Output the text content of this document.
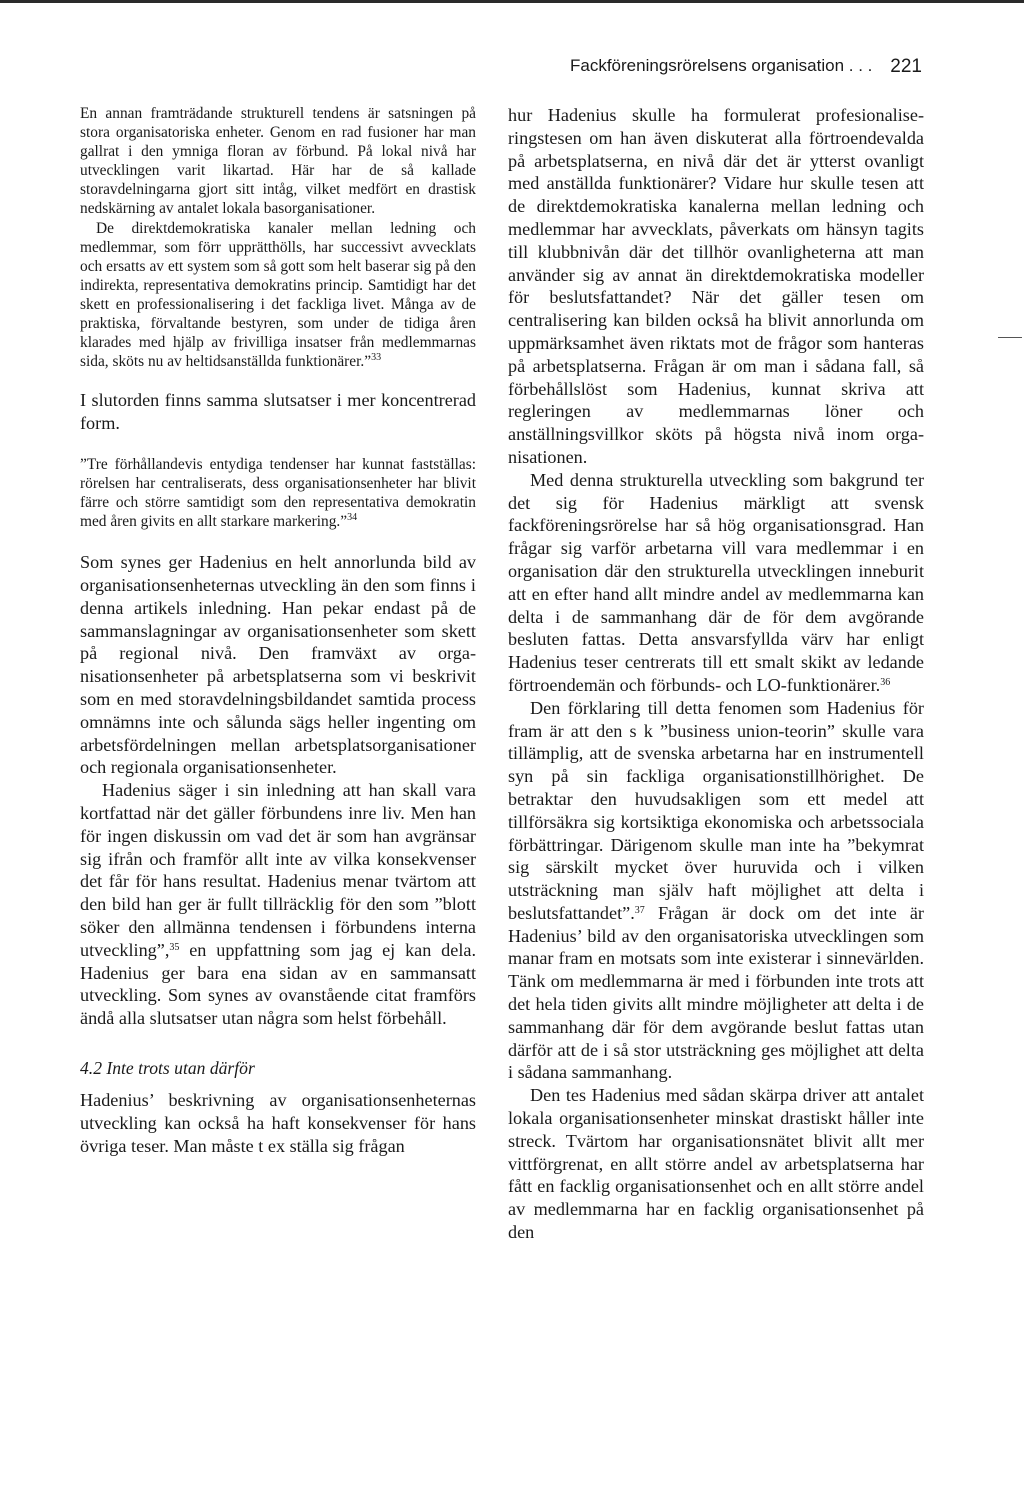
Fackföreningsrörelsens organisation . . . 221

En annan framträdande strukturell tendens är satsningen på stora organisatoriska enheter. Genom en rad fusioner har man gallrat i den ymniga floran av förbund. På lokal nivå har utvecklingen varit likartad. Här har de så kallade storavdelningarna gjort sitt intåg, vilket medfört en drastisk nedskärning av antalet lokala basorganisationer.

De direktdemokratiska kanaler mellan ledning och medlemmar, som förr upprätthölls, har successivt avvecklats och ersatts av ett system som så gott som helt baserar sig på den indirekta, representativa demokratins princip. Samtidigt har det skett en professionalisering i det fackliga livet. Många av de praktiska, förvaltande bestyren, som under de tidiga åren klarades med hjälp av frivilliga insatser från medlemmarnas sida, sköts nu av heltidsanställda funktionärer.”$^{33}$

I slutorden finns samma slutsatser i mer koncentrerad form.

”Tre förhållandevis entydiga tendenser har kunnat fastställas: rörelsen har centraliserats, dess organisationsenheter har blivit färre och större samtidigt som den representativa demokratin med åren givits en allt starkare markering.”$^{34}$

Som synes ger Hadenius en helt annorlunda bild av organisationsenheternas utveckling än den som finns i denna artikels inledning. Han pekar endast på de sammanslagningar av organisationsenheter som skett på regional nivå. Den framväxt av organisationsenheter på arbetsplatserna som vi beskrivit som en med storavdelningsbildandet samtida process omnämns inte och sålunda sägs heller ingenting om arbetsfördelningen mellan arbetsplatsorganisationer och regionala organisationsenheter.

Hadenius säger i sin inledning att han skall vara kortfattad när det gäller förbundens inre liv. Men han för ingen diskussin om vad det är som han avgränsar sig ifrån och framför allt inte av vilka konsekvenser det får för hans resultat. Hadenius menar tvärtom att den bild han ger är fullt tillräcklig för den som ”blott söker den allmänna tendensen i förbundens interna utveckling”,$^{35}$ en uppfattning som jag ej kan dela. Hadenius ger bara ena sidan av en sammansatt utveckling. Som synes av ovanstående citat framförs ändå alla slutsatser utan några som helst förbehåll.

4.2 Inte trots utan därför

Hadenius’ beskrivning av organisationsenheternas utveckling kan också ha haft konsekvenser för hans övriga teser. Man måste t ex ställa sig frågan

hur Hadenius skulle ha formulerat profesionaliseringstesen om han även diskuterat alla förtroendevalda på arbetsplatserna, en nivå där det är ytterst ovanligt med anställda funktionärer? Vidare hur skulle tesen att de direktdemokratiska kanalerna mellan ledning och medlemmar har avvecklats, påverkats om hänsyn tagits till klubbnivån där det tillhör ovanligheterna att man använder sig av annat än direktdemokratiska modeller för beslutsfattandet? När det gäller tesen om centralisering kan bilden också ha blivit annorlunda om uppmärksamhet även riktats mot de frågor som hanteras på arbetsplatserna. Frågan är om man i sådana fall, så förbehållslöst som Hadenius, kunnat skriva att regleringen av medlemmarnas löner och anställningsvillkor sköts på högsta nivå inom organisationen.

Med denna strukturella utveckling som bakgrund ter det sig för Hadenius märkligt att svensk fackföreningsrörelse har så hög organisationsgrad. Han frågar sig varför arbetarna vill vara medlemmar i en organisation där den strukturella utvecklingen inneburit att en efter hand allt mindre andel av medlemmarna kan delta i de sammanhang där de för dem avgörande besluten fattas. Detta ansvarsfyllda värv har enligt Hadenius teser centrerats till ett smalt skikt av ledande förtroendemän och förbunds- och LO-funktionärer.$^{36}$

Den förklaring till detta fenomen som Hadenius för fram är att den s k ”business union-teorin” skulle vara tillämplig, att de svenska arbetarna har en instrumentell syn på sin fackliga organisationstillhörighet. De betraktar den huvudsakligen som ett medel att tillförsäkra sig kortsiktiga ekonomiska och arbetssociala förbättringar. Därigenom skulle man inte ha ”bekymrat sig särskilt mycket över huruvida och i vilken utsträckning man själv haft möjlighet att delta i beslutsfattandet”.$^{37}$ Frågan är dock om det inte är Hadenius’ bild av den organisatoriska utvecklingen som manar fram en motsats som inte existerar i sinnevärlden. Tänk om medlemmarna är med i förbunden inte trots att det hela tiden givits allt mindre möjligheter att delta i de sammanhang där för dem avgörande beslut fattas utan därför att de i så stor utsträckning ges möjlighet att delta i sådana sammanhang.

Den tes Hadenius med sådan skärpa driver att antalet lokala organisationsenheter minskat drastiskt håller inte streck. Tvärtom har organisationsnätet blivit allt mer vittförgrenat, en allt större andel av arbetsplatserna har fått en facklig organisationsenhet och en allt större andel av medlemmarna har en facklig organisationsenhet på den
